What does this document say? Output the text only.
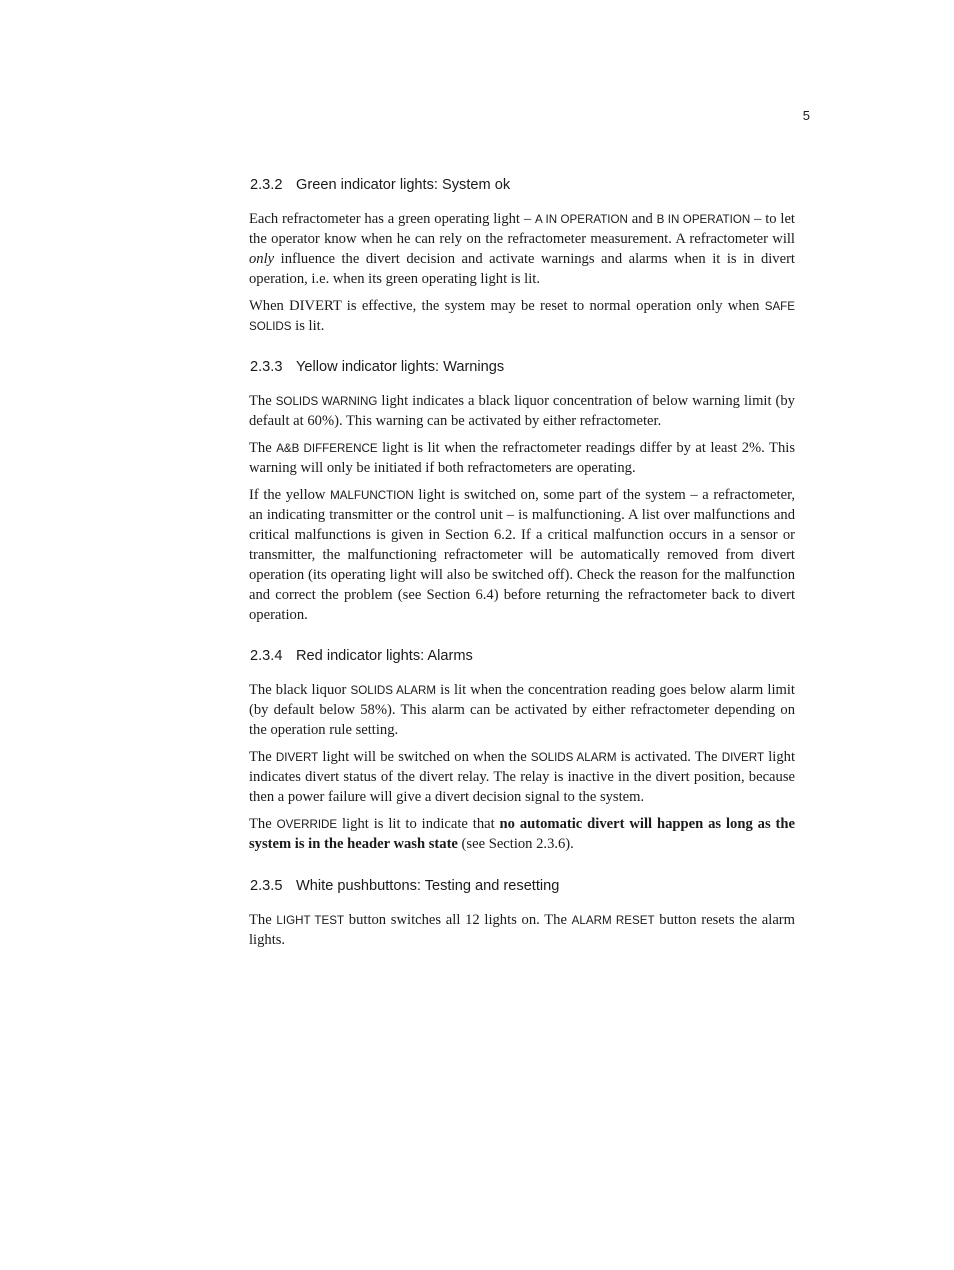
5
2.3.2 Green indicator lights: System ok

Each refractometer has a green operating light – A IN OPERATION and B IN OPERATION – to let the operator know when he can rely on the refractometer measurement. A refractometer will only influence the divert decision and activate warnings and alarms when it is in divert operation, i.e. when its green operating light is lit.

When DIVERT is effective, the system may be reset to normal operation only when SAFE SOLIDS is lit.

2.3.3 Yellow indicator lights: Warnings

The SOLIDS WARNING light indicates a black liquor concentration of below warning limit (by default at 60%). This warning can be activated by either refractometer.

The A&B DIFFERENCE light is lit when the refractometer readings differ by at least 2%. This warning will only be initiated if both refractometers are operating.

If the yellow MALFUNCTION light is switched on, some part of the system – a refractometer, an indicating transmitter or the control unit – is malfunctioning. A list over malfunctions and critical malfunctions is given in Section 6.2. If a critical malfunction occurs in a sensor or transmitter, the malfunctioning refractometer will be automatically removed from divert operation (its operating light will also be switched off). Check the reason for the malfunction and correct the problem (see Section 6.4) before returning the refractometer back to divert operation.

2.3.4 Red indicator lights: Alarms

The black liquor SOLIDS ALARM is lit when the concentration reading goes below alarm limit (by default below 58%). This alarm can be activated by either refractometer depending on the operation rule setting.

The DIVERT light will be switched on when the SOLIDS ALARM is activated. The DIVERT light indicates divert status of the divert relay. The relay is inactive in the divert position, because then a power failure will give a divert decision signal to the system.

The OVERRIDE light is lit to indicate that no automatic divert will happen as long as the system is in the header wash state (see Section 2.3.6).

2.3.5 White pushbuttons: Testing and resetting

The LIGHT TEST button switches all 12 lights on. The ALARM RESET button resets the alarm lights.
